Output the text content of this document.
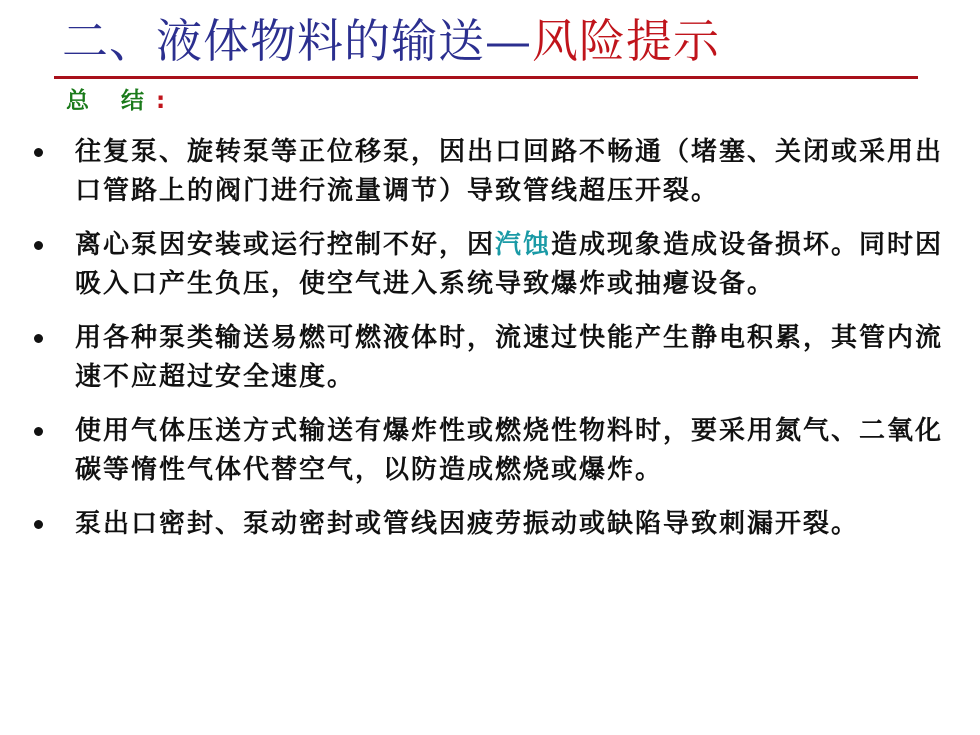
二、液体物料的输送—风险提示
总 结:
往复泵、旋转泵等正位移泵，因出口回路不畅通（堵塞、关闭或采用出口管路上的阀门进行流量调节）导致管线超压开裂。
离心泵因安装或运行控制不好，因汽蚀造成现象造成设备损坏。同时因吸入口产生负压，使空气进入系统导致爆炸或抽瘪设备。
用各种泵类输送易燃可燃液体时，流速过快能产生静电积累，其管内流速不应超过安全速度。
使用气体压送方式输送有爆炸性或燃烧性物料时，要采用氮气、二氧化碳等惰性气体代替空气，以防造成燃烧或爆炸。
泵出口密封、泵动密封或管线因疲劳振动或缺陷导致刺漏开裂。
